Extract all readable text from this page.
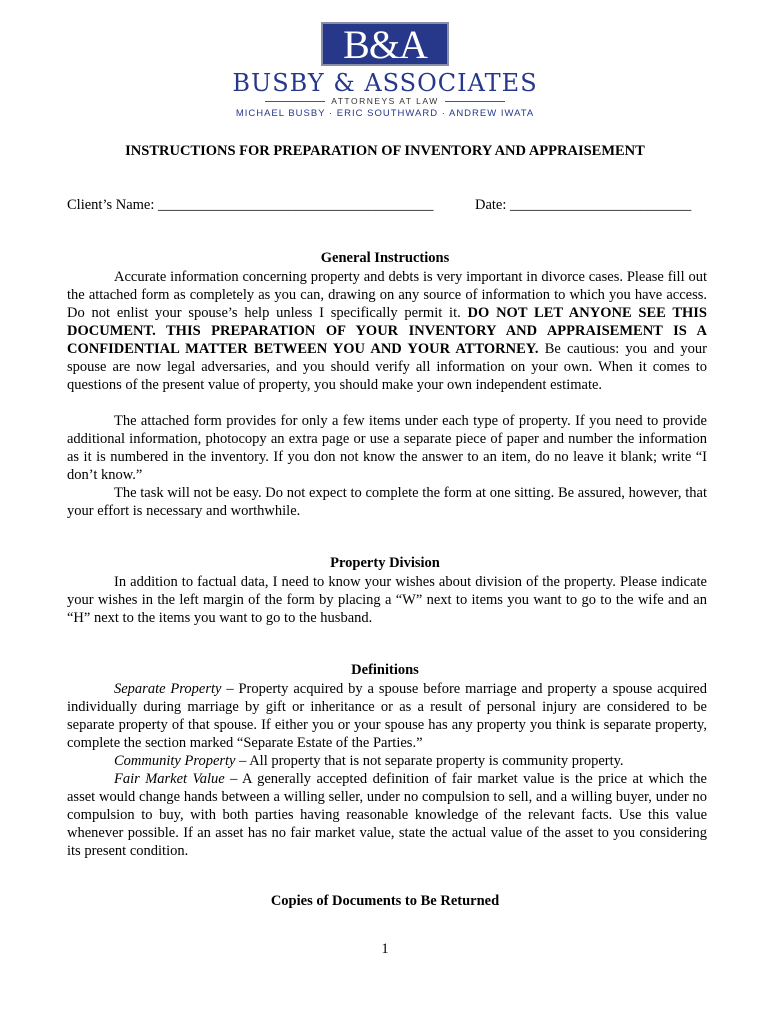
B&A
BUSBY & ASSOCIATES
ATTORNEYS AT LAW
MICHAEL BUSBY · ERIC SOUTHWARD · ANDREW IWATA
INSTRUCTIONS FOR PREPARATION OF INVENTORY AND APPRAISEMENT
Client’s Name: ______________________________________	Date: _________________________
General Instructions

Accurate information concerning property and debts is very important in divorce cases. Please fill out the attached form as completely as you can, drawing on any source of information to which you have access. Do not enlist your spouse’s help unless I specifically permit it. DO NOT LET ANYONE SEE THIS DOCUMENT. THIS PREPARATION OF YOUR INVENTORY AND APPRAISEMENT IS A CONFIDENTIAL MATTER BETWEEN YOU AND YOUR ATTORNEY. Be cautious: you and your spouse are now legal adversaries, and you should verify all information on your own. When it comes to questions of the present value of property, you should make your own independent estimate.

The attached form provides for only a few items under each type of property. If you need to provide additional information, photocopy an extra page or use a separate piece of paper and number the information as it is numbered in the inventory. If you don not know the answer to an item, do no leave it blank; write “I don’t know.”

The task will not be easy. Do not expect to complete the form at one sitting. Be assured, however, that your effort is necessary and worthwhile.

Property Division

In addition to factual data, I need to know your wishes about division of the property. Please indicate your wishes in the left margin of the form by placing a “W” next to items you want to go to the wife and an “H” next to the items you want to go to the husband.

Definitions

Separate Property – Property acquired by a spouse before marriage and property a spouse acquired individually during marriage by gift or inheritance or as a result of personal injury are considered to be separate property of that spouse. If either you or your spouse has any property you think is separate property, complete the section marked “Separate Estate of the Parties.”

Community Property – All property that is not separate property is community property.

Fair Market Value – A generally accepted definition of fair market value is the price at which the asset would change hands between a willing seller, under no compulsion to sell, and a willing buyer, under no compulsion to buy, with both parties having reasonable knowledge of the relevant facts. Use this value whenever possible. If an asset has no fair market value, state the actual value of the asset to you considering its present condition.

Copies of Documents to Be Returned
1
